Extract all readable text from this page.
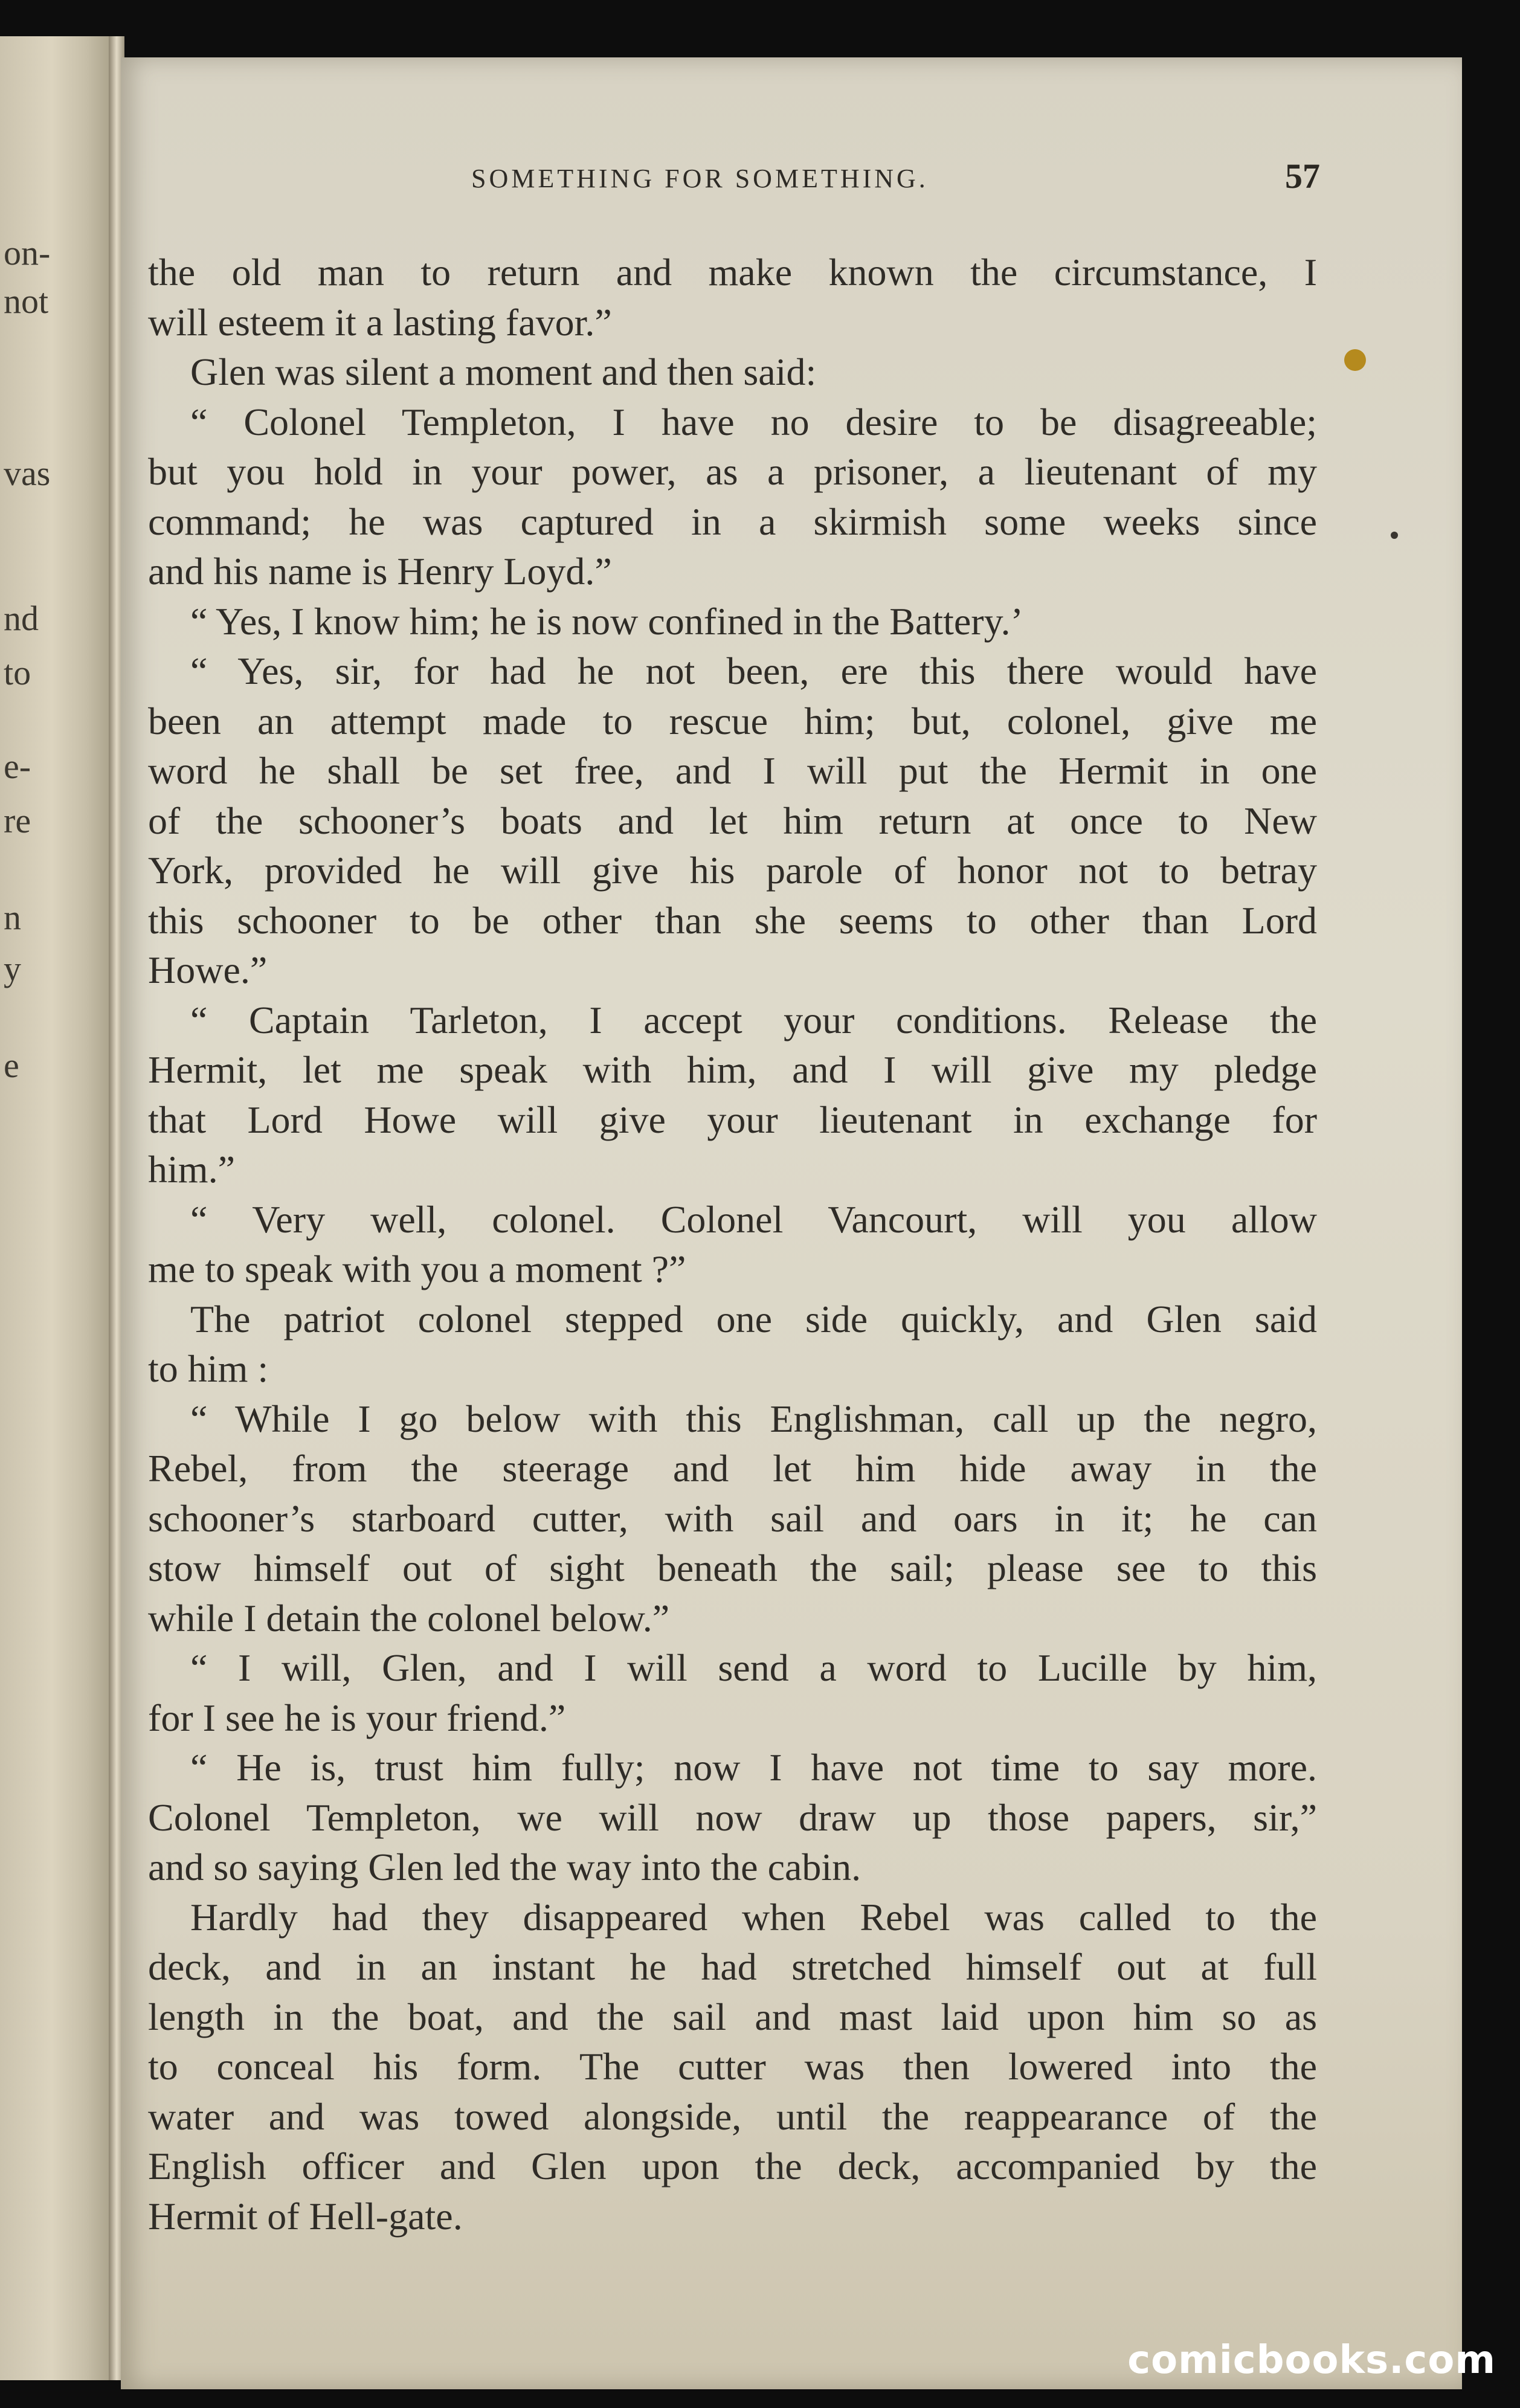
on-
not
vas
nd
to
e-
re
n
y
e
SOMETHING FOR SOMETHING.	57
the old man to return and make known the circumstance, I
will esteem it a lasting favor.”
Glen was silent a moment and then said:
“ Colonel Templeton, I have no desire to be disagreeable;
but you hold in your power, as a prisoner, a lieutenant of my
command; he was captured in a skirmish some weeks since
and his name is Henry Loyd.”
“ Yes, I know him; he is now confined in the Battery.’
“ Yes, sir, for had he not been, ere this there would have
been an attempt made to rescue him; but, colonel, give me
word he shall be set free, and I will put the Hermit in one
of the schooner’s boats and let him return at once to New
York, provided he will give his parole of honor not to betray
this schooner to be other than she seems to other than Lord
Howe.”
“ Captain Tarleton, I accept your conditions. Release the
Hermit, let me speak with him, and I will give my pledge
that Lord Howe will give your lieutenant in exchange for
him.”
“ Very well, colonel. Colonel Vancourt, will you allow
me to speak with you a moment ?”
The patriot colonel stepped one side quickly, and Glen said
to him :
“ While I go below with this Englishman, call up the negro,
Rebel, from the steerage and let him hide away in the
schooner’s starboard cutter, with sail and oars in it; he can
stow himself out of sight beneath the sail; please see to this
while I detain the colonel below.”
“ I will, Glen, and I will send a word to Lucille by him,
for I see he is your friend.”
“ He is, trust him fully; now I have not time to say more.
Colonel Templeton, we will now draw up those papers, sir,”
and so saying Glen led the way into the cabin.
Hardly had they disappeared when Rebel was called to the
deck, and in an instant he had stretched himself out at full
length in the boat, and the sail and mast laid upon him so as
to conceal his form. The cutter was then lowered into the
water and was towed alongside, until the reappearance of the
English officer and Glen upon the deck, accompanied by the
Hermit of Hell-gate.
comicbooks.com
